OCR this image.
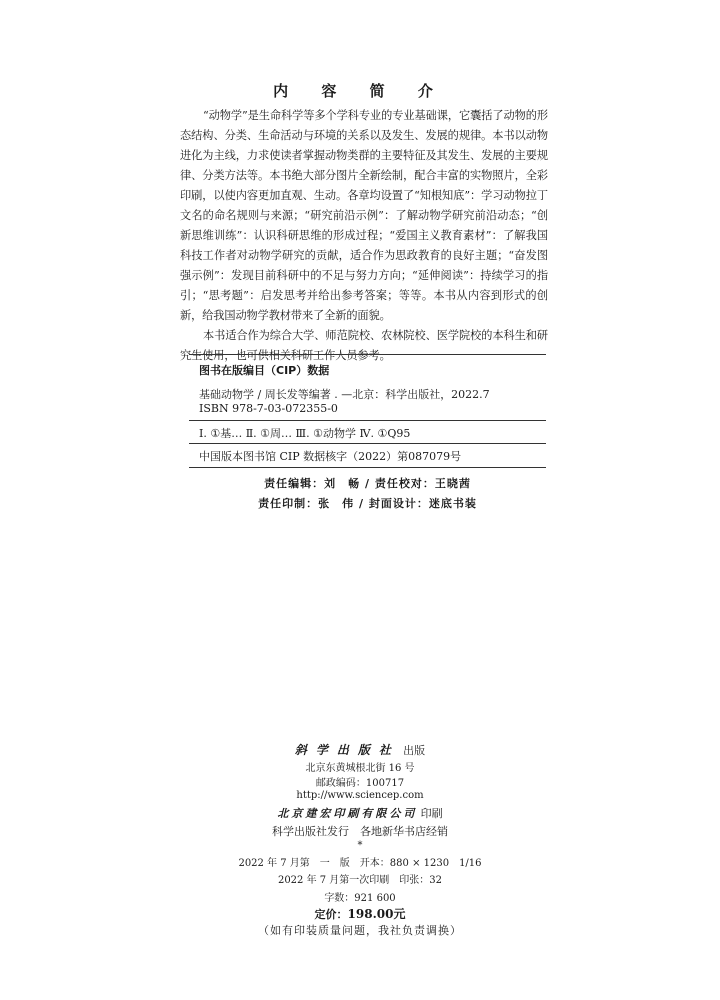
内 容 简 介

“动物学”是生命科学等多个学科专业的专业基础课，它囊括了动物的形态结构、分类、生命活动与环境的关系以及发生、发展的规律。本书以动物进化为主线，力求使读者掌握动物类群的主要特征及其发生、发展的主要规律、分类方法等。本书绝大部分图片全新绘制，配合丰富的实物照片，全彩印刷，以使内容更加直观、生动。各章均设置了“知根知底”：学习动物拉丁文名的命名规则与来源；“研究前沿示例”：了解动物学研究前沿动态；“创新思维训练”：认识科研思维的形成过程；“爱国主义教育素材”：了解我国科技工作者对动物学研究的贡献，适合作为思政教育的良好主题；“奋发图强示例”：发现目前科研中的不足与努力方向；“延伸阅读”：持续学习的指引；“思考题”：启发思考并给出参考答案；等等。本书从内容到形式的创新，给我国动物学教材带来了全新的面貌。

本书适合作为综合大学、师范院校、农林院校、医学院校的本科生和研究生使用，也可供相关科研工作人员参考。

图书在版编目（CIP）数据
基础动物学 / 周长发等编著 . —北京：科学出版社，2022.7
ISBN 978-7-03-072355-0
Ⅰ. ①基… Ⅱ. ①周… Ⅲ. ①动物学 Ⅳ. ①Q95
中国版本图书馆 CIP 数据核字（2022）第087079号
责任编辑：刘　畅 / 责任校对：王晓茜
责任印制：张　伟 / 封面设计：迷底书装
斜学出版社 出版
北京东黄城根北街 16 号
邮政编码：100717
http://www.sciencep.com
北京建宏印刷有限公司 印刷
科学出版社发行　各地新华书店经销
*
2022 年 7 月第　一　版　开本：880 × 1230　1/16
2022 年 7 月第一次印刷　印张：32
字数：921 600
定价：198.00元
（如有印装质量问题，我社负责调换）
